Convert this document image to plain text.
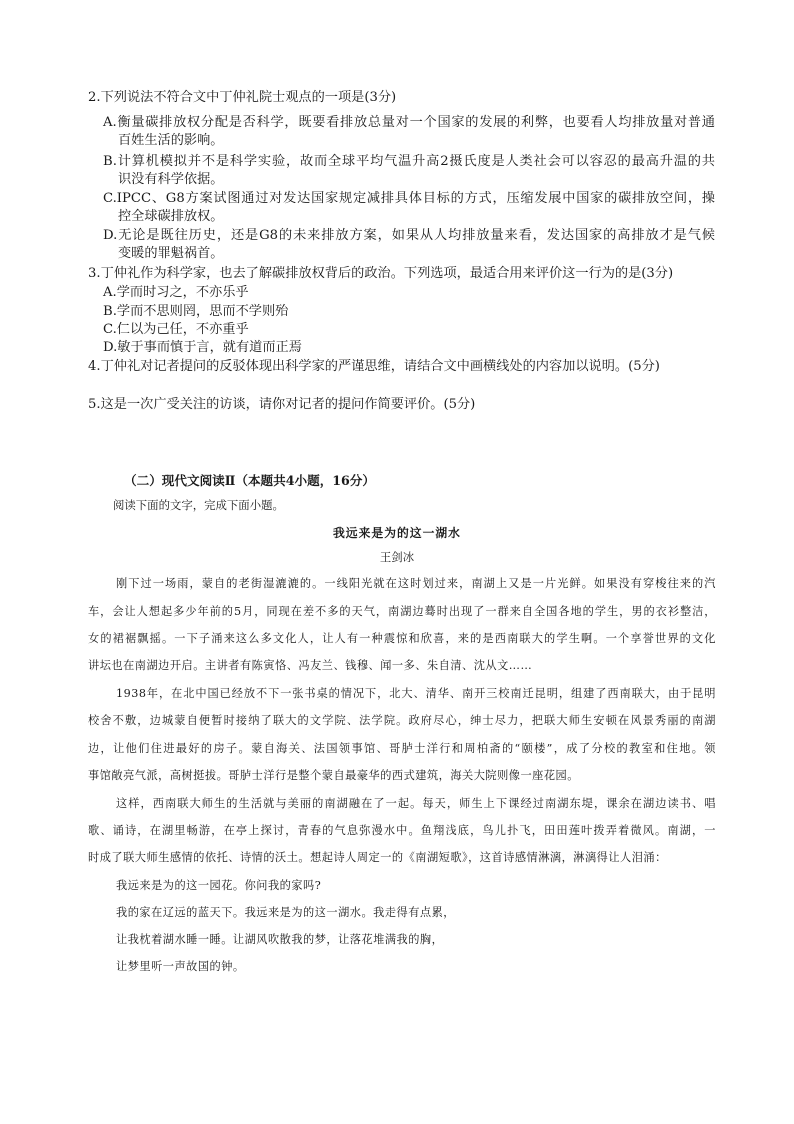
2.下列说法不符合文中丁仲礼院士观点的一项是(3分)
A.衡量碳排放权分配是否科学，既要看排放总量对一个国家的发展的利弊，也要看人均排放量对普通
百姓生活的影响。
B.计算机模拟并不是科学实验，故而全球平均气温升高2摄氏度是人类社会可以容忍的最高升温的共
识没有科学依据。
C.IPCC、G8方案试图通过对发达国家规定减排具体目标的方式，压缩发展中国家的碳排放空间，操
控全球碳排放权。
D.无论是既往历史，还是G8的未来排放方案，如果从人均排放量来看，发达国家的高排放才是气候
变暖的罪魁祸首。
3.丁仲礼作为科学家，也去了解碳排放权背后的政治。下列选项，最适合用来评价这一行为的是(3分)
A.学而时习之，不亦乐乎
B.学而不思则罔，思而不学则殆
C.仁以为己任，不亦重乎
D.敏于事而慎于言，就有道而正焉
4.丁仲礼对记者提问的反驳体现出科学家的严谨思维，请结合文中画横线处的内容加以说明。(5分)
5.这是一次广受关注的访谈，请你对记者的提问作简要评价。(5分)
（二）现代文阅读Ⅱ（本题共4小题，16分）
阅读下面的文字，完成下面小题。
我远来是为的这一湖水
王剑冰
刚下过一场雨，蒙自的老街湿漉漉的。一线阳光就在这时划过来，南湖上又是一片光鲜。如果没有穿梭往来的汽
车，会让人想起多少年前的5月，同现在差不多的天气，南湖边蓦时出现了一群来自全国各地的学生，男的衣衫整洁，
女的裙裾飘摇。一下子涌来这么多文化人，让人有一种震惊和欣喜，来的是西南联大的学生啊。一个享誉世界的文化
讲坛也在南湖边开启。主讲者有陈寅恪、冯友兰、钱穆、闻一多、朱自清、沈从文……
1938年，在北中国已经放不下一张书桌的情况下，北大、清华、南开三校南迁昆明，组建了西南联大，由于昆明
校舍不敷，边城蒙自便暂时接纳了联大的文学院、法学院。政府尽心，绅士尽力，把联大师生安顿在风景秀丽的南湖
边，让他们住进最好的房子。蒙自海关、法国领事馆、哥胪士洋行和周柏斋的“颐楼”，成了分校的教室和住地。领
事馆敞亮气派，高树挺拔。哥胪士洋行是整个蒙自最豪华的西式建筑，海关大院则像一座花园。
这样，西南联大师生的生活就与美丽的南湖融在了一起。每天，师生上下课经过南湖东堤，课余在湖边读书、唱
歌、诵诗，在湖里畅游，在亭上探讨，青春的气息弥漫水中。鱼翔浅底，鸟儿扑飞，田田莲叶拨弄着微风。南湖，一
时成了联大师生感情的依托、诗情的沃土。想起诗人周定一的《南湖短歌》，这首诗感情淋漓，淋漓得让人泪涌：
我远来是为的这一园花。你问我的家吗?
我的家在辽远的蓝天下。我远来是为的这一湖水。我走得有点累，
让我枕着湖水睡一睡。让湖风吹散我的梦，让落花堆满我的胸，
让梦里听一声故国的钟。
